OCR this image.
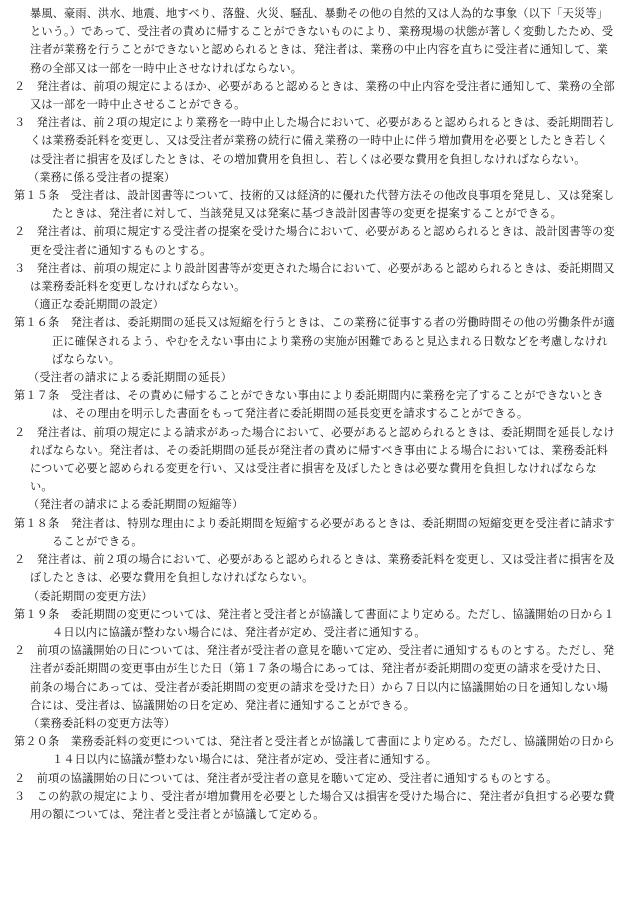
暴風、豪雨、洪水、地震、地すべり、落盤、火災、騒乱、暴動その他の自然的又は人為的な事象（以下「天災等」という。）であって、受注者の責めに帰することができないものにより、業務現場の状態が著しく変動したため、受注者が業務を行うことができないと認められるときは、発注者は、業務の中止内容を直ちに受注者に通知して、業務の全部又は一部を一時中止させなければならない。

２　発注者は、前項の規定によるほか、必要があると認めるときは、業務の中止内容を受注者に通知して、業務の全部又は一部を一時中止させることができる。

３　発注者は、前２項の規定により業務を一時中止した場合において、必要があると認められるときは、委託期間若しくは業務委託料を変更し、又は受注者が業務の続行に備え業務の一時中止に伴う増加費用を必要としたとき若しくは受注者に損害を及ぼしたときは、その増加費用を負担し、若しくは必要な費用を負担しなければならない。

（業務に係る受注者の提案）

第１５条　受注者は、設計図書等について、技術的又は経済的に優れた代替方法その他改良事項を発見し、又は発案したときは、発注者に対して、当該発見又は発案に基づき設計図書等の変更を提案することができる。

２　発注者は、前項に規定する受注者の提案を受けた場合において、必要があると認められるときは、設計図書等の変更を受注者に通知するものとする。

３　発注者は、前項の規定により設計図書等が変更された場合において、必要があると認められるときは、委託期間又は業務委託料を変更しなければならない。

（適正な委託期間の設定）

第１６条　発注者は、委託期間の延長又は短縮を行うときは、この業務に従事する者の労働時間その他の労働条件が適正に確保されるよう、やむをえない事由により業務の実施が困難であると見込まれる日数などを考慮しなければならない。

（受注者の請求による委託期間の延長）

第１７条　受注者は、その責めに帰することができない事由により委託期間内に業務を完了することができないときは、その理由を明示した書面をもって発注者に委託期間の延長変更を請求することができる。

２　発注者は、前項の規定による請求があった場合において、必要があると認められるときは、委託期間を延長しなければならない。発注者は、その委託期間の延長が発注者の責めに帰すべき事由による場合においては、業務委託料について必要と認められる変更を行い、又は受注者に損害を及ぼしたときは必要な費用を負担しなければならない。

（発注者の請求による委託期間の短縮等）

第１８条　発注者は、特別な理由により委託期間を短縮する必要があるときは、委託期間の短縮変更を受注者に請求することができる。

２　発注者は、前２項の場合において、必要があると認められるときは、業務委託料を変更し、又は受注者に損害を及ぼしたときは、必要な費用を負担しなければならない。

（委託期間の変更方法）

第１９条　委託期間の変更については、発注者と受注者とが協議して書面により定める。ただし、協議開始の日から１４日以内に協議が整わない場合には、発注者が定め、受注者に通知する。

２　前項の協議開始の日については、発注者が受注者の意見を聴いて定め、受注者に通知するものとする。ただし、発注者が委託期間の変更事由が生じた日（第１７条の場合にあっては、発注者が委託期間の変更の請求を受けた日、前条の場合にあっては、受注者が委託期間の変更の請求を受けた日）から７日以内に協議開始の日を通知しない場合には、受注者は、協議開始の日を定め、発注者に通知することができる。

（業務委託料の変更方法等）

第２０条　業務委託料の変更については、発注者と受注者とが協議して書面により定める。ただし、協議開始の日から１４日以内に協議が整わない場合には、発注者が定め、受注者に通知する。

２　前項の協議開始の日については、発注者が受注者の意見を聴いて定め、受注者に通知するものとする。

３　この約款の規定により、受注者が増加費用を必要とした場合又は損害を受けた場合に、発注者が負担する必要な費用の額については、発注者と受注者とが協議して定める。
